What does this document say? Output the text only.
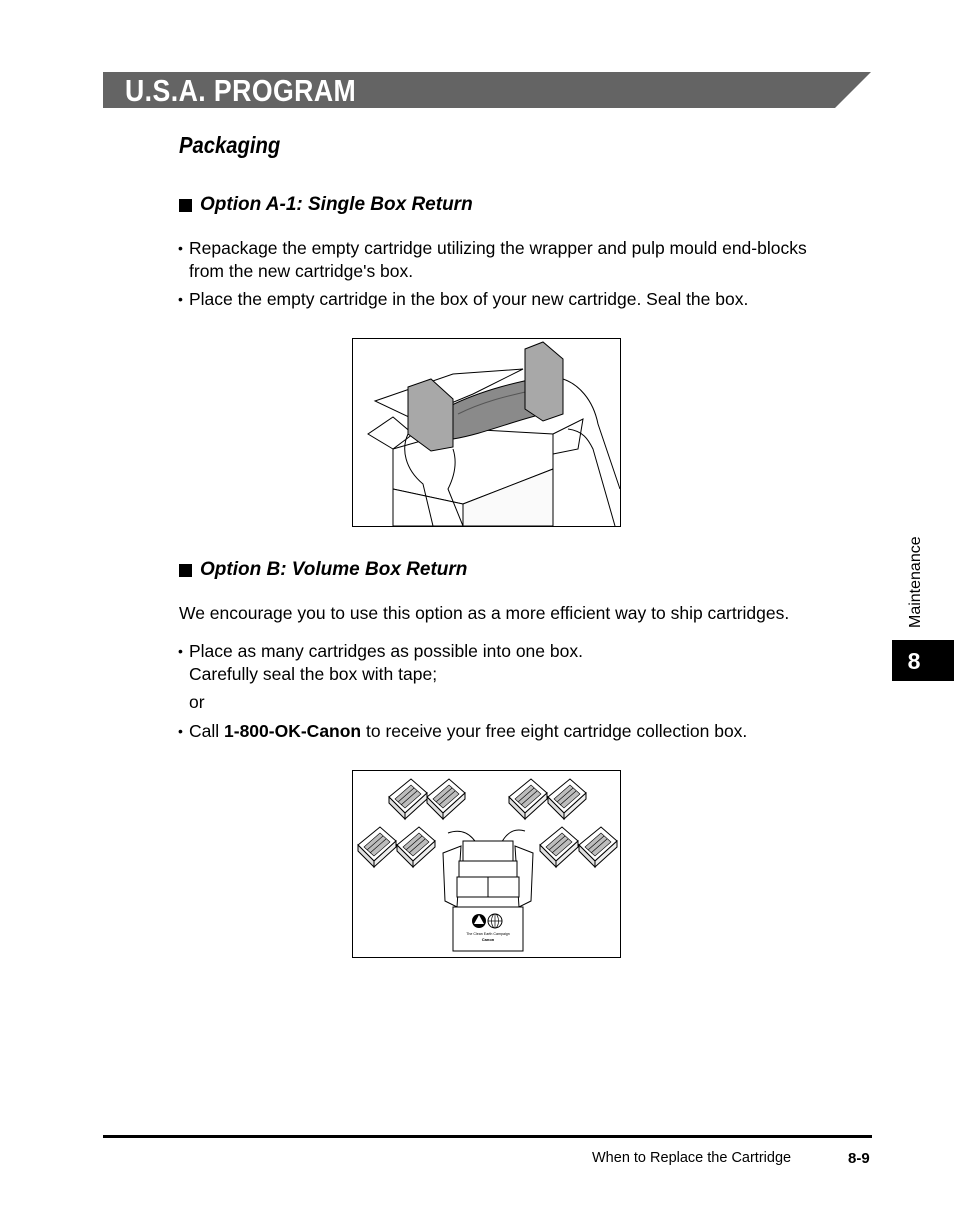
U.S.A. PROGRAM
Packaging
Option A-1: Single Box Return
• Repackage the empty cartridge utilizing the wrapper and pulp mould end-blocks
from the new cartridge's box.
• Place the empty cartridge in the box of your new cartridge. Seal the box.
Option B: Volume Box Return
We encourage you to use this option as a more efficient way to ship cartridges.
• Place as many cartridges as possible into one box.
Carefully seal the box with tape;
or
• Call 1-800-OK-Canon to receive your free eight cartridge collection box.
The Clean Earth Campaign
Canon
Maintenance
8
When to Replace the Cartridge	8-9
